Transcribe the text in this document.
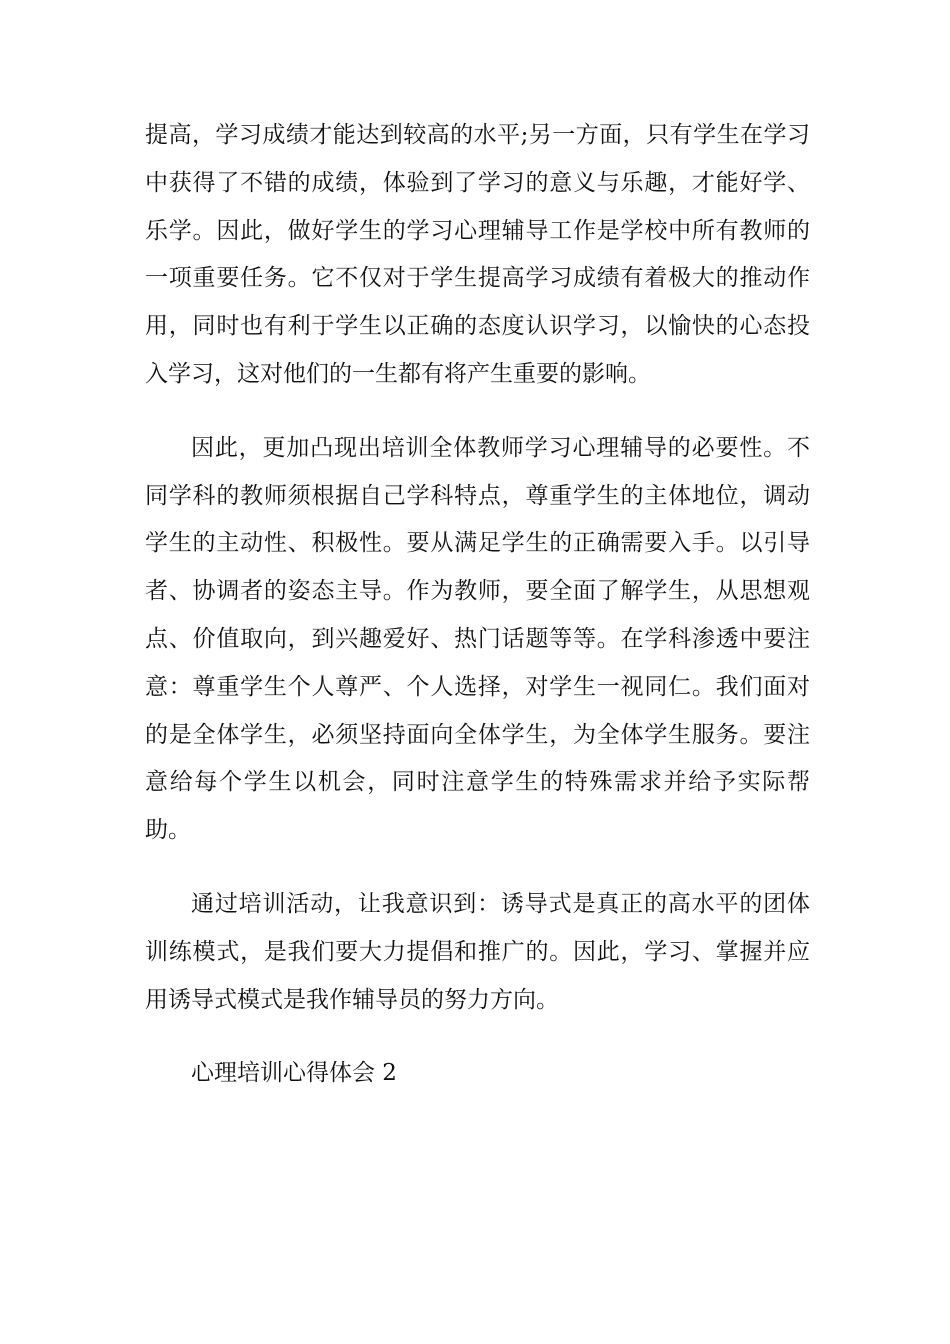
提高，学习成绩才能达到较高的水平;另一方面，只有学生在学习中获得了不错的成绩，体验到了学习的意义与乐趣，才能好学、乐学。因此，做好学生的学习心理辅导工作是学校中所有教师的一项重要任务。它不仅对于学生提高学习成绩有着极大的推动作用，同时也有利于学生以正确的态度认识学习，以愉快的心态投入学习，这对他们的一生都有将产生重要的影响。

因此，更加凸现出培训全体教师学习心理辅导的必要性。不同学科的教师须根据自己学科特点，尊重学生的主体地位，调动学生的主动性、积极性。要从满足学生的正确需要入手。以引导者、协调者的姿态主导。作为教师，要全面了解学生，从思想观点、价值取向，到兴趣爱好、热门话题等等。在学科渗透中要注意：尊重学生个人尊严、个人选择，对学生一视同仁。我们面对的是全体学生，必须坚持面向全体学生，为全体学生服务。要注意给每个学生以机会，同时注意学生的特殊需求并给予实际帮助。

通过培训活动，让我意识到：诱导式是真正的高水平的团体训练模式，是我们要大力提倡和推广的。因此，学习、掌握并应用诱导式模式是我作辅导员的努力方向。

心理培训心得体会 2
